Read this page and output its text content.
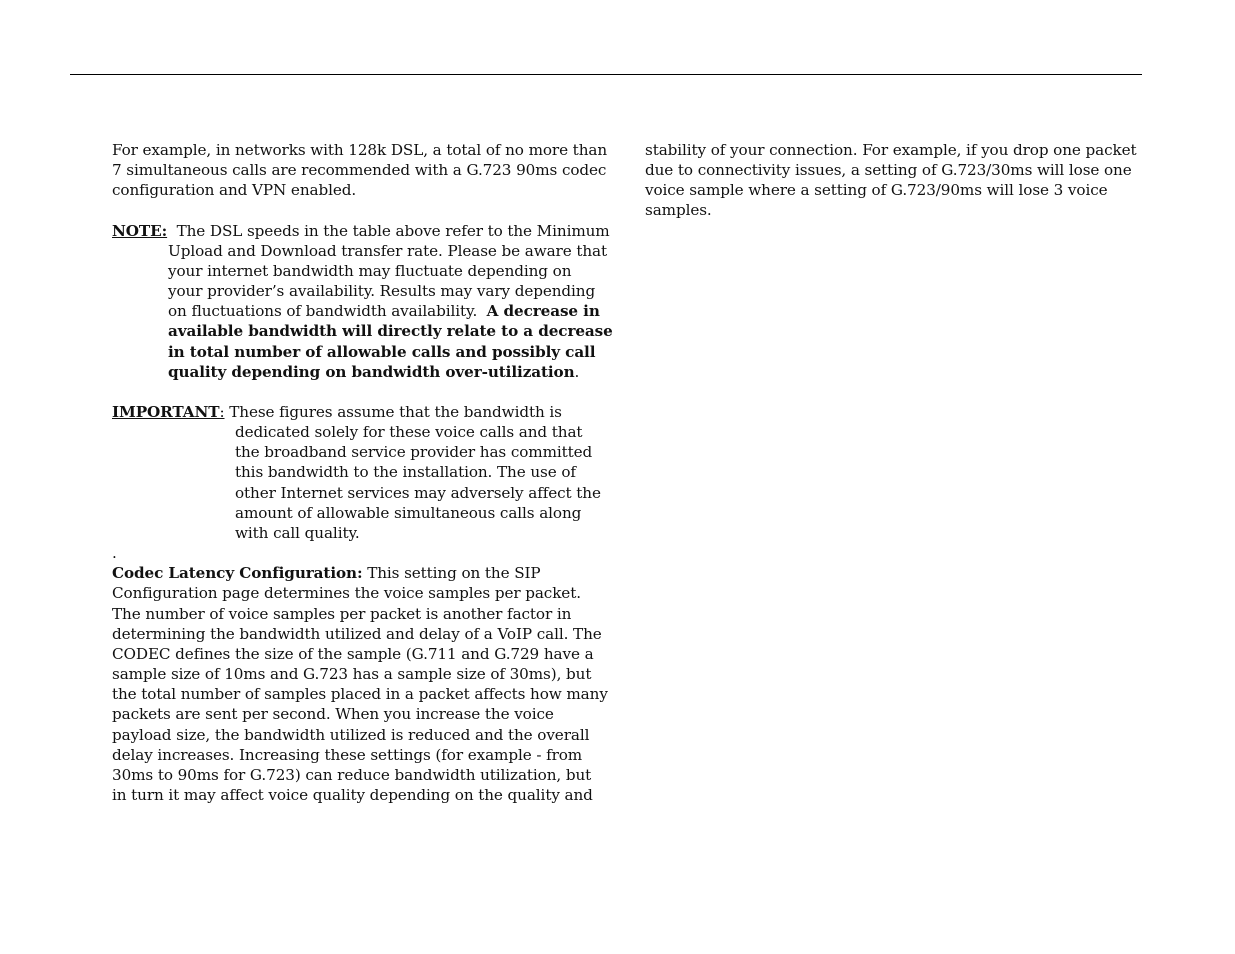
For example, in networks with 128k DSL, a total of no more than
7 simultaneous calls are recommended with a G.723 90ms codec
configuration and VPN enabled.
NOTE:  The DSL speeds in the table above refer to the Minimum
Upload and Download transfer rate. Please be aware that
your internet bandwidth may fluctuate depending on
your provider’s availability. Results may vary depending
on fluctuations of bandwidth availability.  A decrease in
available bandwidth will directly relate to a decrease
in total number of allowable calls and possibly call
quality depending on bandwidth over-utilization.
IMPORTANT: These figures assume that the bandwidth is
dedicated solely for these voice calls and that
the broadband service provider has committed
this bandwidth to the installation. The use of
other Internet services may adversely affect the
amount of allowable simultaneous calls along
with call quality.
.
Codec Latency Configuration: This setting on the SIP
Configuration page determines the voice samples per packet.
The number of voice samples per packet is another factor in
determining the bandwidth utilized and delay of a VoIP call. The
CODEC defines the size of the sample (G.711 and G.729 have a
sample size of 10ms and G.723 has a sample size of 30ms), but
the total number of samples placed in a packet affects how many
packets are sent per second. When you increase the voice
payload size, the bandwidth utilized is reduced and the overall
delay increases. Increasing these settings (for example - from
30ms to 90ms for G.723) can reduce bandwidth utilization, but
in turn it may affect voice quality depending on the quality and
stability of your connection. For example, if you drop one packet
due to connectivity issues, a setting of G.723/30ms will lose one
voice sample where a setting of G.723/90ms will lose 3 voice
samples.
